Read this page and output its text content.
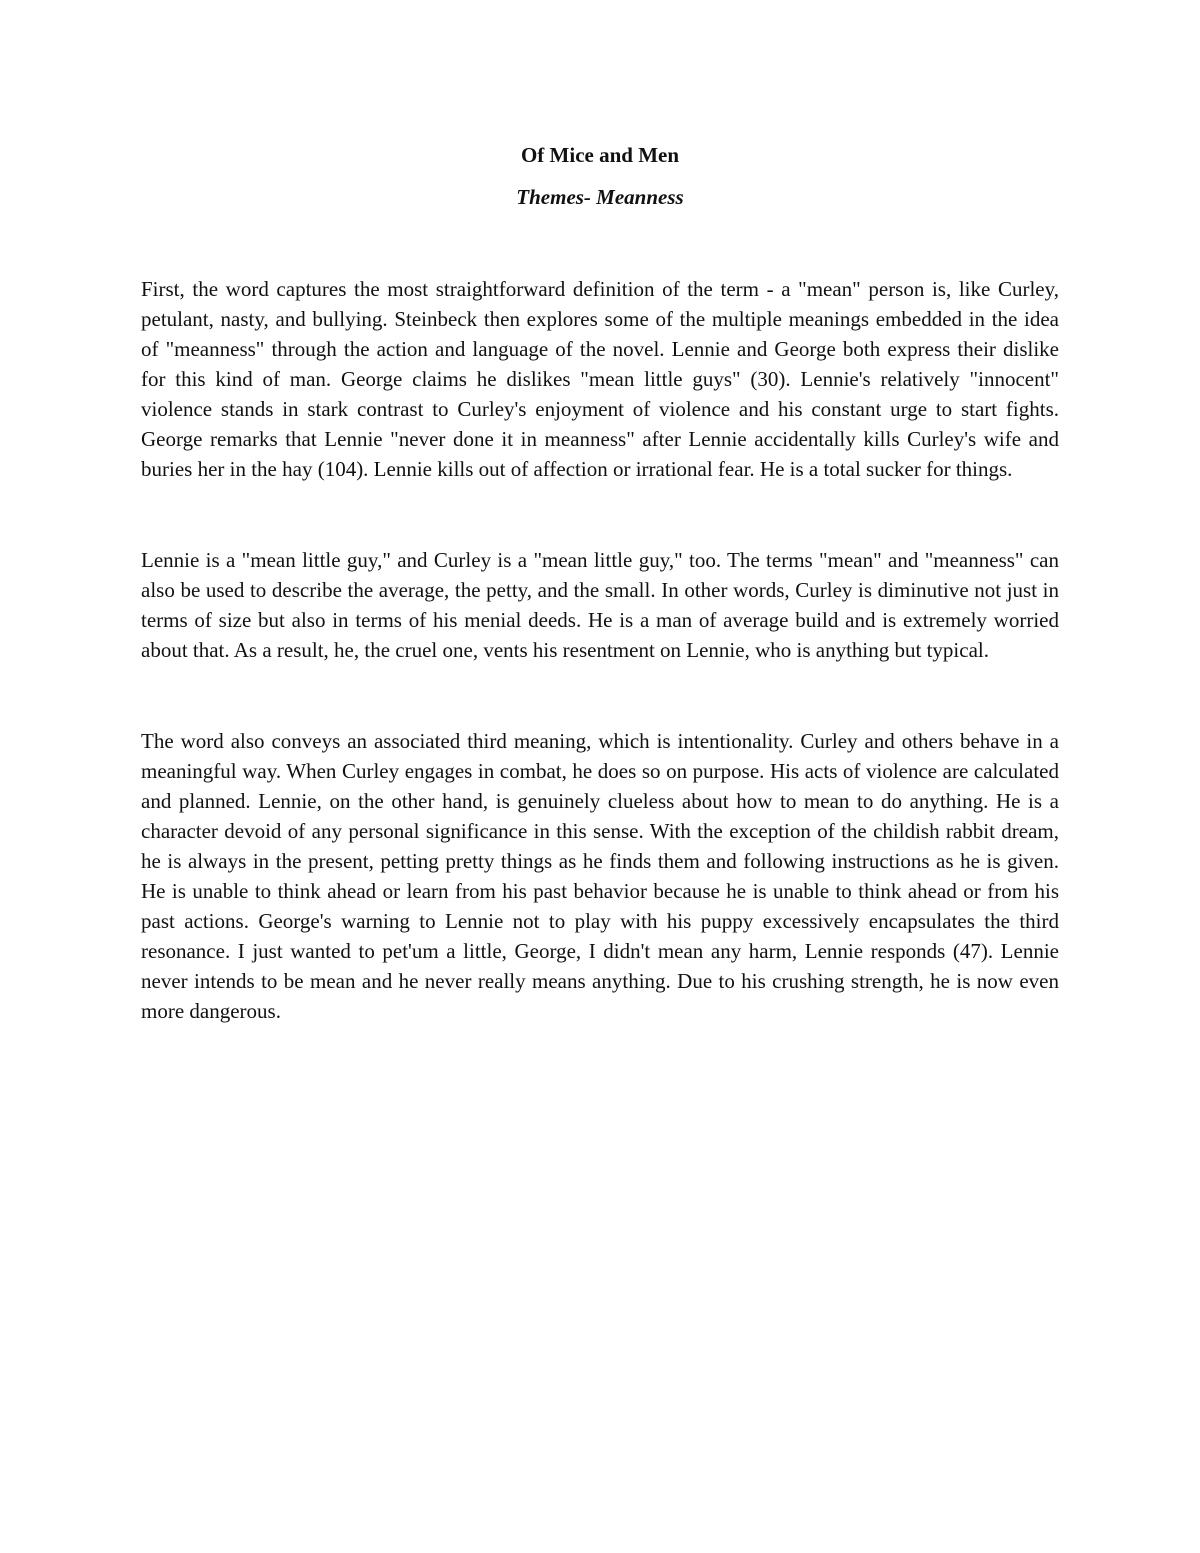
Of Mice and Men
Themes- Meanness

First, the word captures the most straightforward definition of the term - a "mean" person is, like Curley, petulant, nasty, and bullying. Steinbeck then explores some of the multiple meanings embedded in the idea of "meanness" through the action and language of the novel. Lennie and George both express their dislike for this kind of man. George claims he dislikes "mean little guys" (30). Lennie's relatively "innocent" violence stands in stark contrast to Curley's enjoyment of violence and his constant urge to start fights. George remarks that Lennie "never done it in meanness" after Lennie accidentally kills Curley's wife and buries her in the hay (104). Lennie kills out of affection or irrational fear. He is a total sucker for things.

Lennie is a "mean little guy," and Curley is a "mean little guy," too. The terms "mean" and "meanness" can also be used to describe the average, the petty, and the small. In other words, Curley is diminutive not just in terms of size but also in terms of his menial deeds. He is a man of average build and is extremely worried about that. As a result, he, the cruel one, vents his resentment on Lennie, who is anything but typical.

The word also conveys an associated third meaning, which is intentionality. Curley and others behave in a meaningful way. When Curley engages in combat, he does so on purpose. His acts of violence are calculated and planned. Lennie, on the other hand, is genuinely clueless about how to mean to do anything. He is a character devoid of any personal significance in this sense. With the exception of the childish rabbit dream, he is always in the present, petting pretty things as he finds them and following instructions as he is given. He is unable to think ahead or learn from his past behavior because he is unable to think ahead or from his past actions. George's warning to Lennie not to play with his puppy excessively encapsulates the third resonance. I just wanted to pet'um a little, George, I didn't mean any harm, Lennie responds (47). Lennie never intends to be mean and he never really means anything. Due to his crushing strength, he is now even more dangerous.
